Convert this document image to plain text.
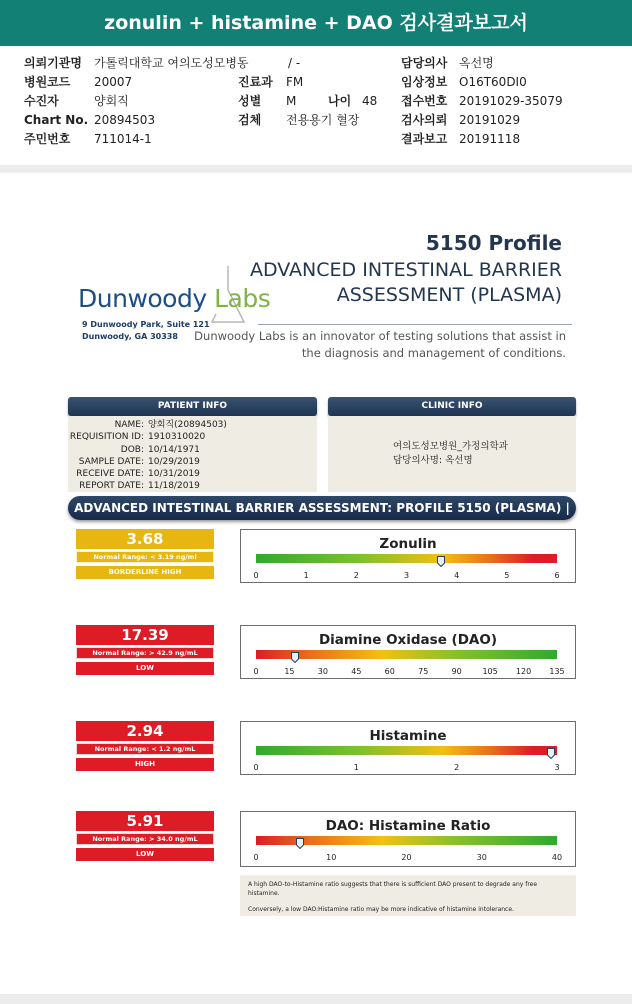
zonulin + histamine + DAO 검사결과보고서
의뢰기관명 가톨릭대학교 여의도성모병동
병원코드 20007
수진자	양회직
Chart No. 20894503
주민번호 711014-1
/ -
진료과 FM
성별 M	나이 48
검체 전용용기 혈장
담당의사 옥선명
임상정보 O16T60DI0
접수번호 20191029-35079
검사의뢰 20191029
결과보고 20191118
Dunwoody Labs
9 Dunwoody Park, Suite 121
Dunwoody, GA 30338
5150 Profile
ADVANCED INTESTINAL BARRIER
ASSESSMENT (PLASMA)
Dunwoody Labs is an innovator of testing solutions that assist in
the diagnosis and management of conditions.
PATIENT INFO	CLINIC INFO
NAME: 양회직(20894503)
REQUISITION ID: 1910310020
DOB: 10/14/1971
SAMPLE DATE: 10/29/2019
RECEIVE DATE: 10/31/2019
REPORT DATE: 11/18/2019
여의도성모병원_가정의학과
담당의사명: 옥선명
ADVANCED INTESTINAL BARRIER ASSESSMENT: PROFILE 5150 (PLASMA) |
3.68
Normal Range: < 3.19 ng/ml
BORDERLINE HIGH
Zonulin
0	1	2	3	4	5	6
17.39
Normal Range: > 42.9 ng/mL
LOW
Diamine Oxidase (DAO)
0	15	30	45	60	75	90	105 120 135
2.94
Normal Range: < 1.2 ng/mL
HIGH
Histamine
0	1	2	3
5.91
Normal Range: > 34.0 ng/mL
LOW
DAO: Histamine Ratio
0	10	20	30	40
A high DAO-to-Histamine ratio suggests that there is sufficient DAO present to degrade any free histamine.
Conversely, a low DAO:Histamine ratio may be more indicative of histamine intolerance.
